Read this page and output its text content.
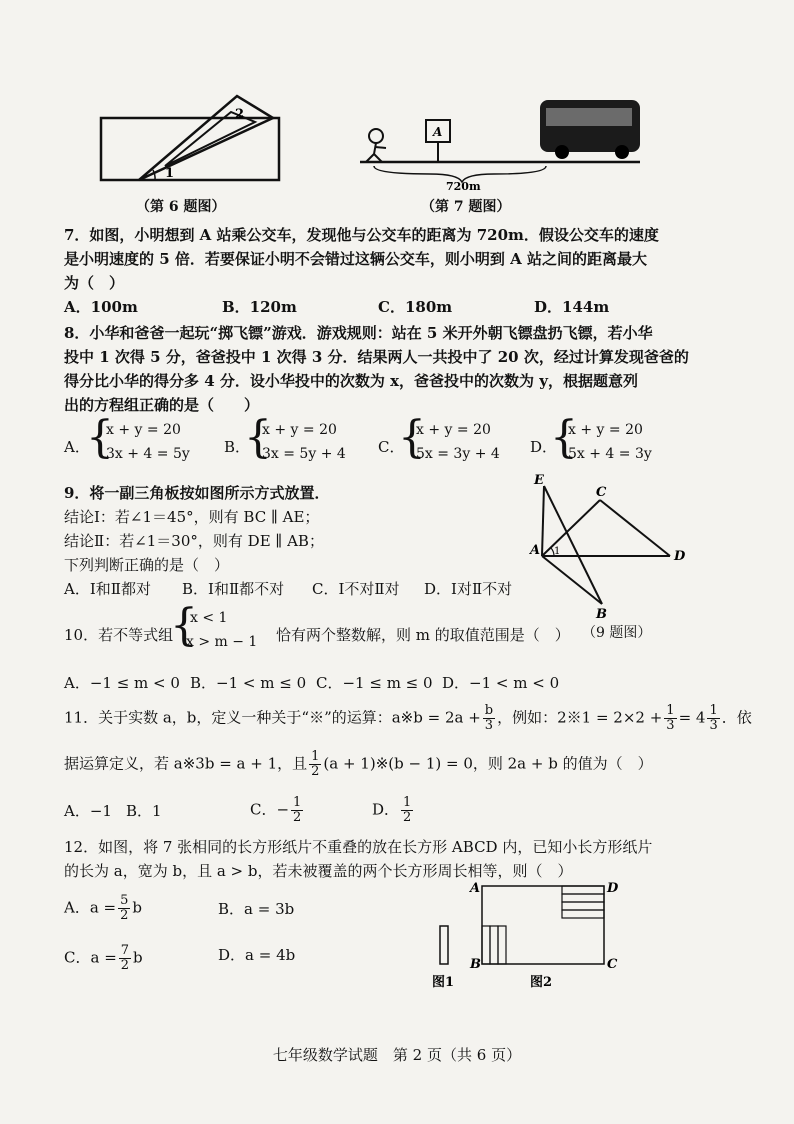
1
2
（第 6 题图）
A
720m
（第 7 题图）
7．如图，小明想到 A 站乘公交车，发现他与公交车的距离为 720m．假设公交车的速度
是小明速度的 5 倍．若要保证小明不会错过这辆公交车，则小明到 A 站之间的距离最大
为（　）
A．100m	B．120m	C．180m	D．144m
8．小华和爸爸一起玩“掷飞镖”游戏．游戏规则：站在 5 米开外朝飞镖盘扔飞镖，若小华
投中 1 次得 5 分，爸爸投中 1 次得 3 分．结果两人一共投中了 20 次，经过计算发现爸爸的
得分比小华的得分多 4 分．设小华投中的次数为 x，爸爸投中的次数为 y，根据题意列
出的方程组正确的是（　　）
A．
{
x + y = 20
3x + 4 = 5y B．
{
x + y = 20
3x = 5y + 4 C．
{
x + y = 20
5x = 3y + 4 D．
{
x + y = 20
5x + 4 = 3y
9．将一副三角板按如图所示方式放置．
结论Ⅰ：若∠1＝45°，则有 BC ∥ AE；
结论Ⅱ：若∠1＝30°，则有 DE ∥ AB；
下列判断正确的是（　）
A．Ⅰ和Ⅱ都对 B．Ⅰ和Ⅱ都不对 C．Ⅰ不对Ⅱ对 D．Ⅰ对Ⅱ不对
E
C
A	D
B
1
（9 题图）
10．若不等式组
{
x < 1
x > m − 1 恰有两个整数解，则 m 的取值范围是（　）
A．−1 ≤ m < 0 B．−1 < m ≤ 0 C．−1 ≤ m ≤ 0 D．−1 < m < 0
11．关于实数 a，b，定义一种关于“※”的运算：a※b = $2a + \frac{b}{3}$ ，例如：2※1 = $2\times 2 + \frac{1}{3} = 4 \frac{1}{3}$ ．依
据运算定义，若 a※3b = a + 1，且 $\frac{1}{2} (a$ + 1)※(b − 1) = 0，则 2a + b 的值为（　）
A．−1 B．1	C．− $\frac{1}{2}$	D． $\frac{1}{2}$
12．如图，将 7 张相同的长方形纸片不重叠的放在长方形 ABCD 内，已知小长方形纸片
的长为 a，宽为 b，且 a > b，若未被覆盖的两个长方形周长相等，则（　）
A．$a = \frac{5}{2}$ b	B．a = 3b
C．$a = \frac{7}{2}$ b	D．a = 4b
A	D
B	C
图1	图2
七年级数学试题　第 2 页（共 6 页）
